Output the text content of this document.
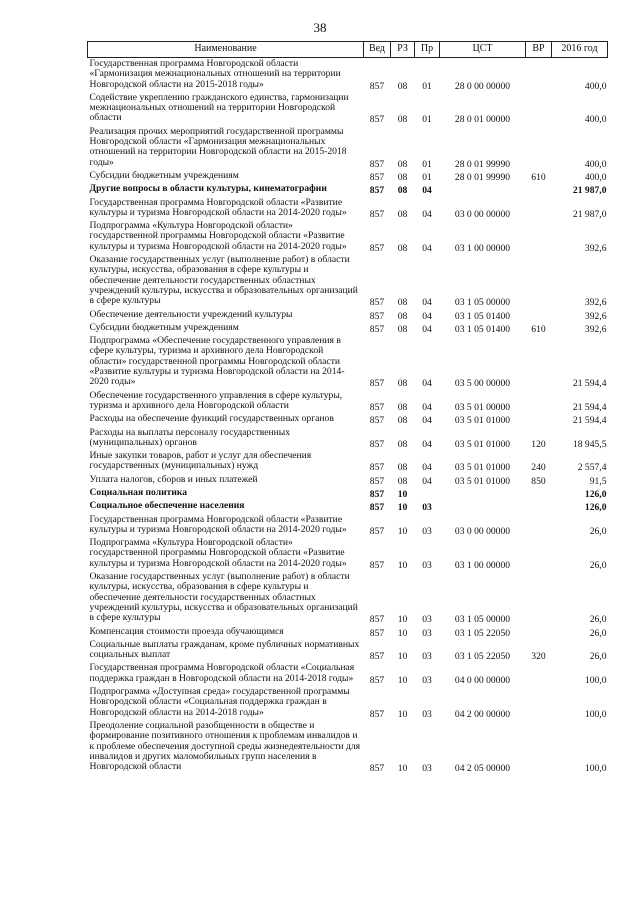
38
Наименование	Вед	РЗ	Пр	ЦСТ	ВР	2016 год
Государственная программа Новгородской области «Гармонизация межнациональных отношений на территории Новгородской области на 2015-2018 годы»	857	08	01	28 0 00 00000		400,0
Содействие укреплению гражданского единства, гармонизации межнациональных отношений на территории Новгородской области	857	08	01	28 0 01 00000		400,0
Реализация прочих мероприятий государственной программы Новгородской области «Гармонизация межнациональных отношений на территории Новгородской области на 2015-2018 годы»	857	08	01	28 0 01 99990		400,0
Субсидии бюджетным учреждениям	857	08	01	28 0 01 99990	610	400,0
Другие вопросы в области культуры, кинематографии	857	08	04			21 987,0
Государственная программа Новгородской области «Развитие культуры и туризма Новгородской области на 2014-2020 годы»	857	08	04	03 0 00 00000		21 987,0
Подпрограмма «Культура Новгородской области» государственной программы Новгородской области «Развитие культуры и туризма Новгородской области на 2014-2020 годы»	857	08	04	03 1 00 00000		392,6
Оказание государственных услуг (выполнение работ) в области культуры, искусства, образования в сфере культуры и обеспечение деятельности государственных областных учреждений культуры, искусства и образовательных организаций в сфере культуры	857	08	04	03 1 05 00000		392,6
Обеспечение деятельности учреждений культуры	857	08	04	03 1 05 01400		392,6
Субсидии бюджетным учреждениям	857	08	04	03 1 05 01400	610	392,6
Подпрограмма «Обеспечение государственного управления в сфере культуры, туризма и архивного дела Новгородской области» государственной программы Новгородской области «Развитие культуры и туризма Новгородской области на 2014-2020 годы»	857	08	04	03 5 00 00000		21 594,4
Обеспечение государственного управления в сфере культуры, туризма и архивного дела Новгородской области	857	08	04	03 5 01 00000		21 594,4
Расходы на обеспечение функций государственных органов	857	08	04	03 5 01 01000		21 594,4
Расходы на выплаты персоналу государственных (муниципальных) органов	857	08	04	03 5 01 01000	120	18 945,5
Иные закупки товаров, работ и услуг для обеспечения государственных (муниципальных) нужд	857	08	04	03 5 01 01000	240	2 557,4
Уплата налогов, сборов и иных платежей	857	08	04	03 5 01 01000	850	91,5
Социальная политика	857	10				126,0
Социальное обеспечение населения	857	10	03			126,0
Государственная программа Новгородской области «Развитие культуры и туризма Новгородской области на 2014-2020 годы»	857	10	03	03 0 00 00000		26,0
Подпрограмма «Культура Новгородской области» государственной программы Новгородской области «Развитие культуры и туризма Новгородской области на 2014-2020 годы»	857	10	03	03 1 00 00000		26,0
Оказание государственных услуг (выполнение работ) в области культуры, искусства, образования в сфере культуры и обеспечение деятельности государственных областных учреждений культуры, искусства и образовательных организаций в сфере культуры	857	10	03	03 1 05 00000		26,0
Компенсация стоимости проезда обучающимся	857	10	03	03 1 05 22050		26,0
Социальные выплаты гражданам, кроме публичных нормативных социальных выплат	857	10	03	03 1 05 22050	320	26,0
Государственная программа Новгородской области «Социальная поддержка граждан в Новгородской области на 2014-2018 годы»	857	10	03	04 0 00 00000		100,0
Подпрограмма «Доступная среда» государственной программы Новгородской области «Социальная поддержка граждан в Новгородской области на 2014-2018 годы»	857	10	03	04 2 00 00000		100,0
Преодоление социальной разобщенности в обществе и формирование позитивного отношения к проблемам инвалидов и к проблеме обеспечения доступной среды жизнедеятельности для инвалидов и других маломобильных групп населения в Новгородской области	857	10	03	04 2 05 00000		100,0
